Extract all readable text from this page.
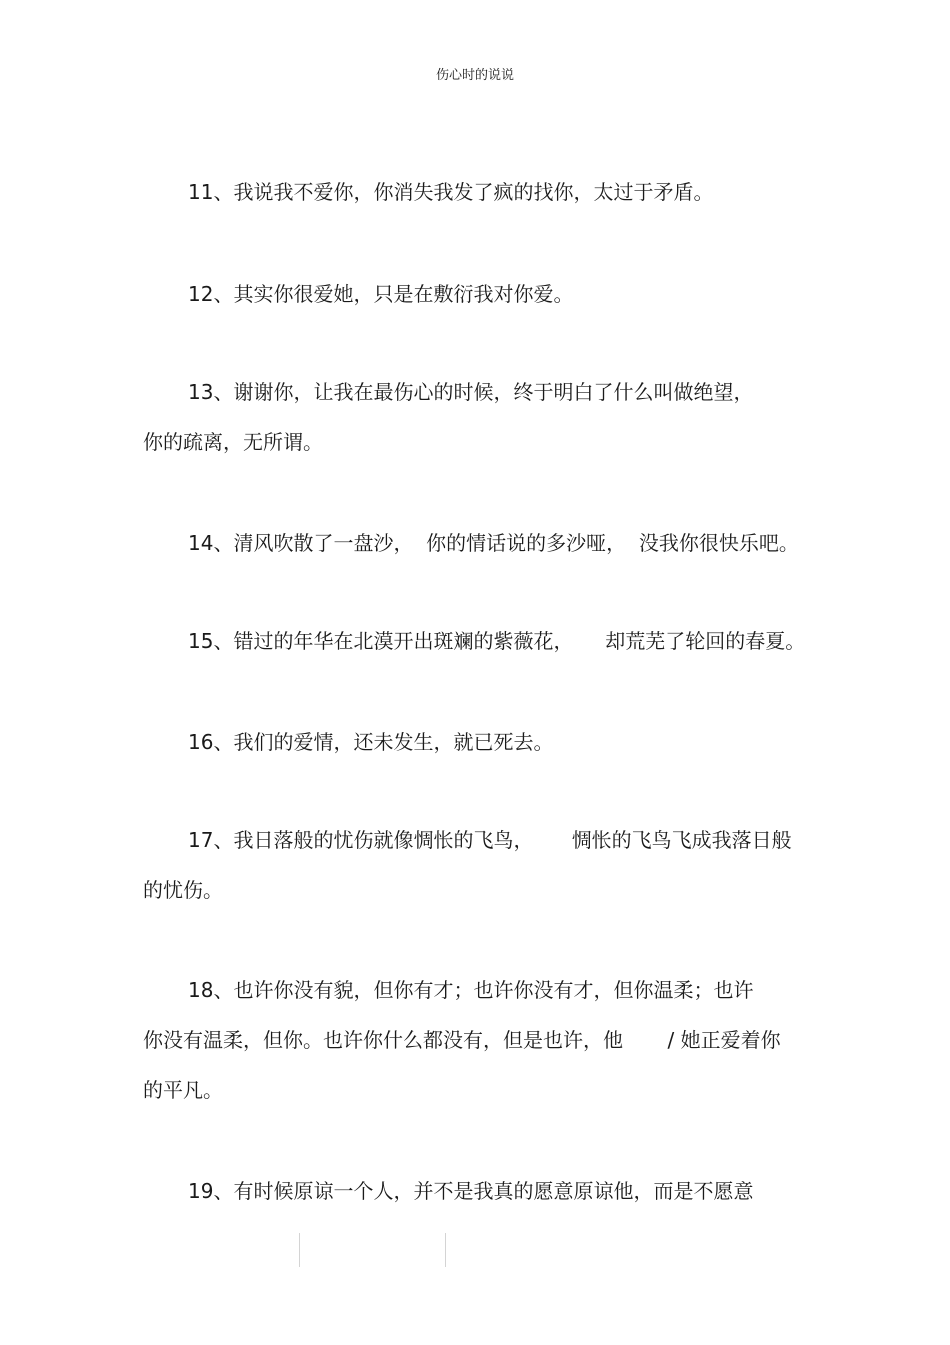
伤心时的说说
11、我说我不爱你，你消失我发了疯的找你，太过于矛盾。
12、其实你很爱她，只是在敷衍我对你爱。
13、谢谢你，让我在最伤心的时候，终于明白了什么叫做绝望，
你的疏离，无所谓。
14、清风吹散了一盘沙，  你的情话说的多沙哑，  没我你很快乐吧。
15、错过的年华在北漠开出斑斓的紫薇花，     却荒芜了轮回的春夏。
16、我们的爱情，还未发生，就已死去。
17、我日落般的忧伤就像惆怅的飞鸟，      惆怅的飞鸟飞成我落日般
的忧伤。
18、也许你没有貌，但你有才；也许你没有才，但你温柔；也许
你没有温柔，但你。也许你什么都没有，但是也许，他       / 她正爱着你
的平凡。
19、有时候原谅一个人，并不是我真的愿意原谅他，而是不愿意
